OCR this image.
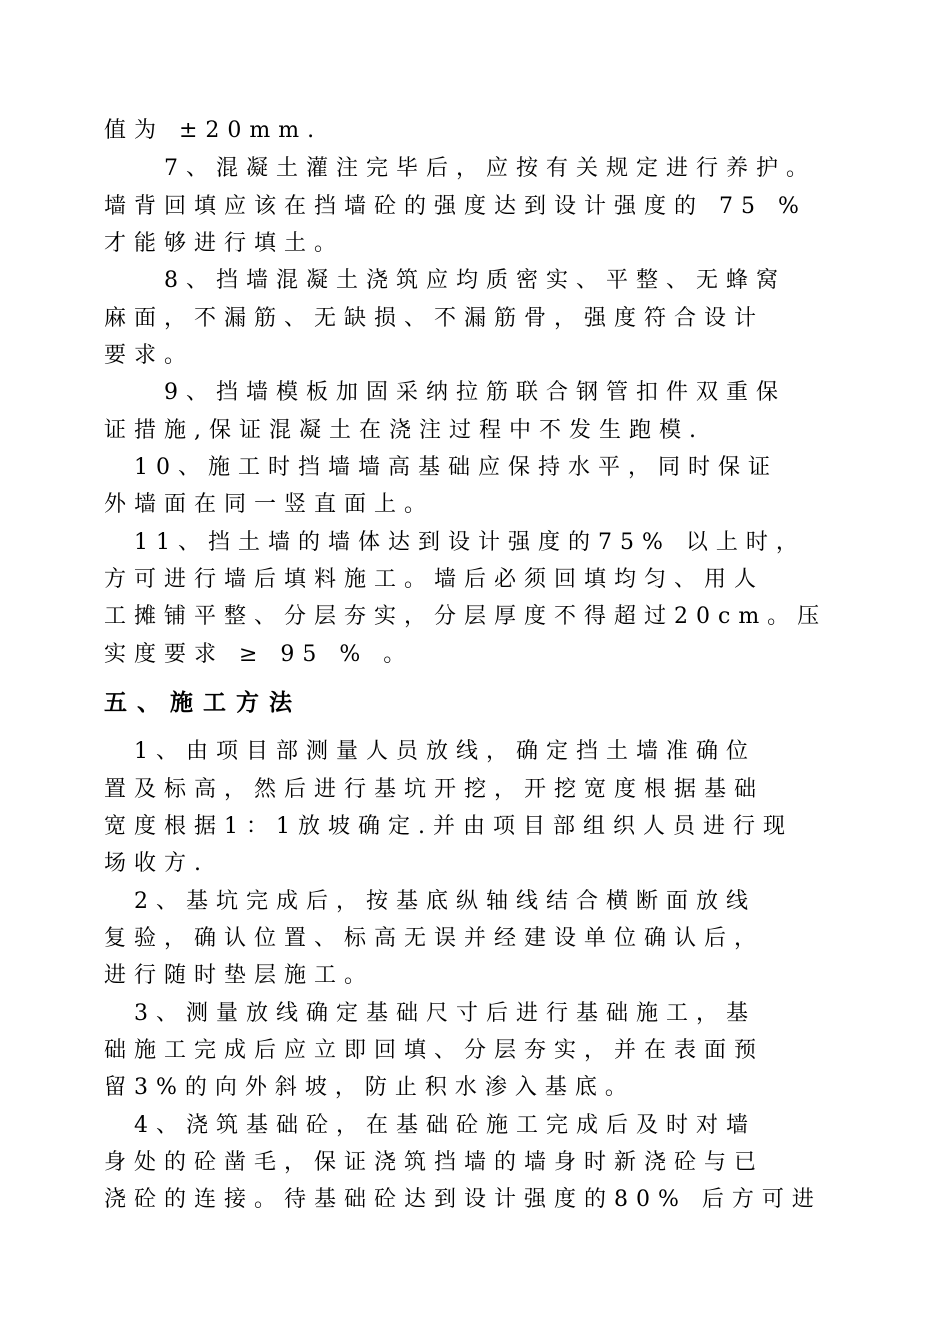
值为 ±20mm.
　　7、混凝土灌注完毕后，应按有关规定进行养护。
墙背回填应该在挡墙砼的强度达到设计强度的 75 %
才能够进行填土。
　　8、挡墙混凝土浇筑应均质密实、平整、无蜂窝
麻面，不漏筋、无缺损、不漏筋骨，强度符合设计
要求。
　　9、挡墙模板加固采纳拉筋联合钢管扣件双重保
证措施,保证混凝土在浇注过程中不发生跑模.
　10、施工时挡墙墙高基础应保持水平，同时保证
外墙面在同一竖直面上。
　11、挡土墙的墙体达到设计强度的75% 以上时，
方可进行墙后填料施工。墙后必须回填均匀、用人
工摊铺平整、分层夯实，分层厚度不得超过20cm。压
实度要求 ≥ 95 % 。
五、施工方法
　1、由项目部测量人员放线，确定挡土墙准确位
置及标高，然后进行基坑开挖，开挖宽度根据基础
宽度根据1：1放坡确定.并由项目部组织人员进行现
场收方.
　2、基坑完成后，按基底纵轴线结合横断面放线
复验，确认位置、标高无误并经建设单位确认后，
进行随时垫层施工。
　3、测量放线确定基础尺寸后进行基础施工，基
础施工完成后应立即回填、分层夯实，并在表面预
留3%的向外斜坡，防止积水渗入基底。
　4、浇筑基础砼，在基础砼施工完成后及时对墙
身处的砼凿毛，保证浇筑挡墙的墙身时新浇砼与已
浇砼的连接。待基础砼达到设计强度的80% 后方可进
